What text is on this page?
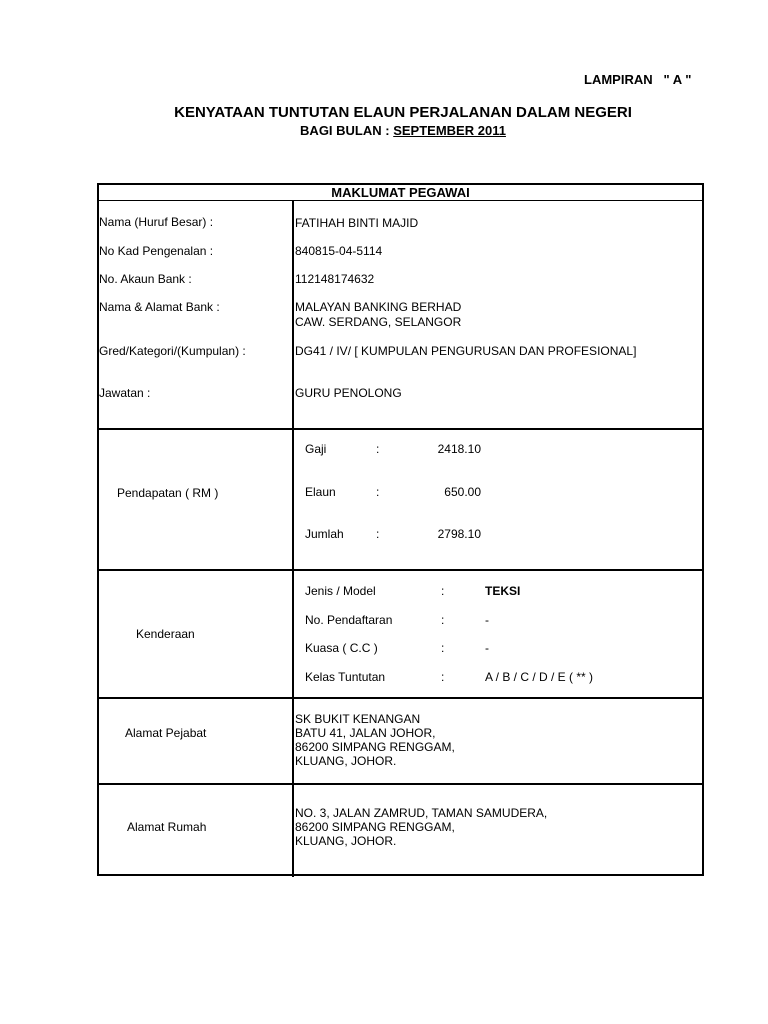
LAMPIRAN   " A "
KENYATAAN TUNTUTAN ELAUN PERJALANAN DALAM NEGERI
BAGI BULAN : SEPTEMBER 2011
MAKLUMAT PEGAWAI
Nama (Huruf Besar) :	FATIHAH BINTI MAJID
No Kad Pengenalan :	840815-04-5114
No. Akaun Bank :	112148174632
Nama & Alamat Bank :	MALAYAN BANKING BERHAD
CAW. SERDANG, SELANGOR
Gred/Kategori/(Kumpulan) :	DG41 / IV/ [ KUMPULAN PENGURUSAN DAN PROFESIONAL]
Jawatan :	GURU PENOLONG
Pendapatan ( RM )
Gaji	:	2418.10
Elaun	:	650.00
Jumlah	:	2798.10
Kenderaan
Jenis / Model	:	TEKSI
No. Pendaftaran	:	-
Kuasa ( C.C )	:	-
Kelas Tuntutan	:	A / B / C / D / E ( ** )
Alamat Pejabat
SK BUKIT KENANGAN
BATU 41, JALAN JOHOR,
86200 SIMPANG RENGGAM,
KLUANG, JOHOR.
Alamat Rumah
NO. 3, JALAN ZAMRUD, TAMAN SAMUDERA,
86200 SIMPANG RENGGAM,
KLUANG, JOHOR.
